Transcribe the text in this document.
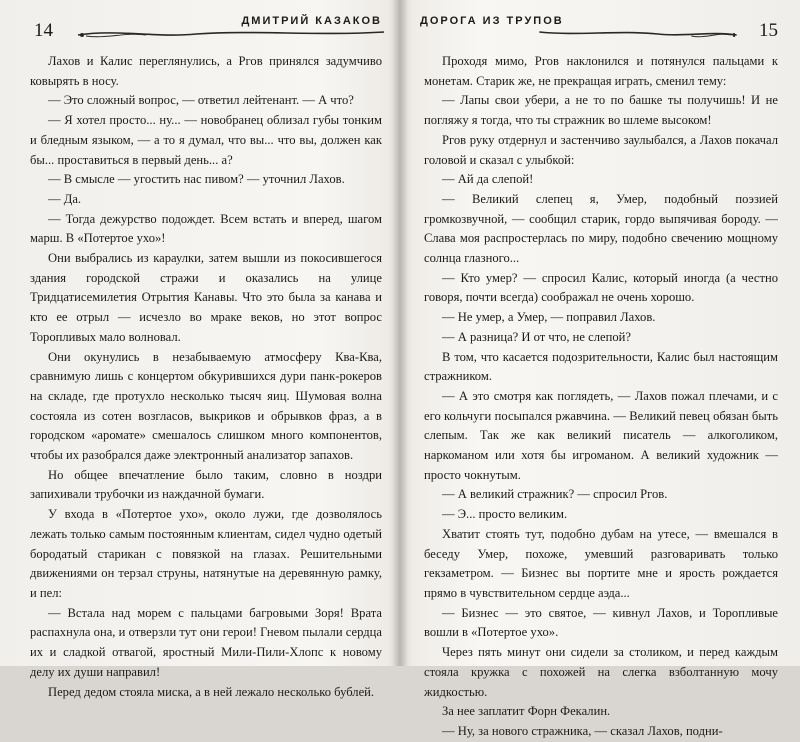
14	ДМИТРИЙ КАЗАКОВ

Лахов и Калис переглянулись, а Ргов принялся задумчиво ковырять в носу.

— Это сложный вопрос, — ответил лейтенант. — А что?

— Я хотел просто... ну... — новобранец облизал губы тонким и бледным языком, — а то я думал, что вы... что вы, должен как бы... проставиться в первый день... а?

— В смысле — угостить нас пивом? — уточнил Лахов.

— Да.

— Тогда дежурство подождет. Всем встать и вперед, шагом марш. В «Потертое ухо»!

Они выбрались из караулки, затем вышли из покосившегося здания городской стражи и оказались на улице Тридцатисемилетия Отрытия Канавы. Что это была за канава и кто ее отрыл — исчезло во мраке веков, но этот вопрос Торопливых мало волновал.

Они окунулись в незабываемую атмосферу Ква-Ква, сравнимую лишь с концертом обкурившихся дури панк-рокеров на складе, где протухло несколько тысяч яиц. Шумовая волна состояла из сотен возгласов, выкриков и обрывков фраз, а в городском «аромате» смешалось слишком много компонентов, чтобы их разобрался даже электронный анализатор запахов.

Но общее впечатление было таким, словно в ноздри запихивали трубочки из наждачной бумаги.

У входа в «Потертое ухо», около лужи, где дозволялось лежать только самым постоянным клиентам, сидел чудно одетый бородатый старикан с повязкой на глазах. Решительными движениями он терзал струны, натянутые на деревянную рамку, и пел:

— Встала над морем с пальцами багровыми Зоря! Врата распахнула она, и отверзли тут они герои! Гневом пылали сердца их и сладкой отвагой, яростный Мили-Пили-Хлопс к новому делу их души направил!

Перед дедом стояла миска, а в ней лежало несколько бублей.

ДОРОГА ИЗ ТРУПОВ	15

Проходя мимо, Ргов наклонился и потянулся пальцами к монетам. Старик же, не прекращая играть, сменил тему:

— Лапы свои убери, а не то по башке ты получишь! И не погляжу я тогда, что ты стражник во шлеме высоком!

Ргов руку отдернул и застенчиво заулыбался, а Лахов покачал головой и сказал с улыбкой:

— Ай да слепой!

— Великий слепец я, Умер, подобный поэзией громкозвучной, — сообщил старик, гордо выпячивая бороду. — Слава моя распростерлась по миру, подобно свечению мощному солнца глазного...

— Кто умер? — спросил Калис, который иногда (а честно говоря, почти всегда) соображал не очень хорошо.

— Не умер, а Умер, — поправил Лахов.

— А разница? И от что, не слепой?

В том, что касается подозрительности, Калис был настоящим стражником.

— А это смотря как поглядеть, — Лахов пожал плечами, и с его кольчуги посыпался ржавчина. — Великий певец обязан быть слепым. Так же как великий писатель — алкоголиком, наркоманом или хотя бы игроманом. А великий художник — просто чокнутым.

— А великий стражник? — спросил Ргов.

— Э... просто великим.

Хватит стоять тут, подобно дубам на утесе, — вмешался в беседу Умер, похоже, умевший разговаривать только гекзаметром. — Бизнес вы портите мне и ярость рождается прямо в чувствительном сердце аэда...

— Бизнес — это святое, — кивнул Лахов, и Торопливые вошли в «Потертое ухо».

Через пять минут они сидели за столиком, и перед каждым стояла кружка с похожей на слегка взболтанную мочу жидкостью.

За нее заплатит Форн Фекалин.

— Ну, за нового стражника, — сказал Лахов, подни-
